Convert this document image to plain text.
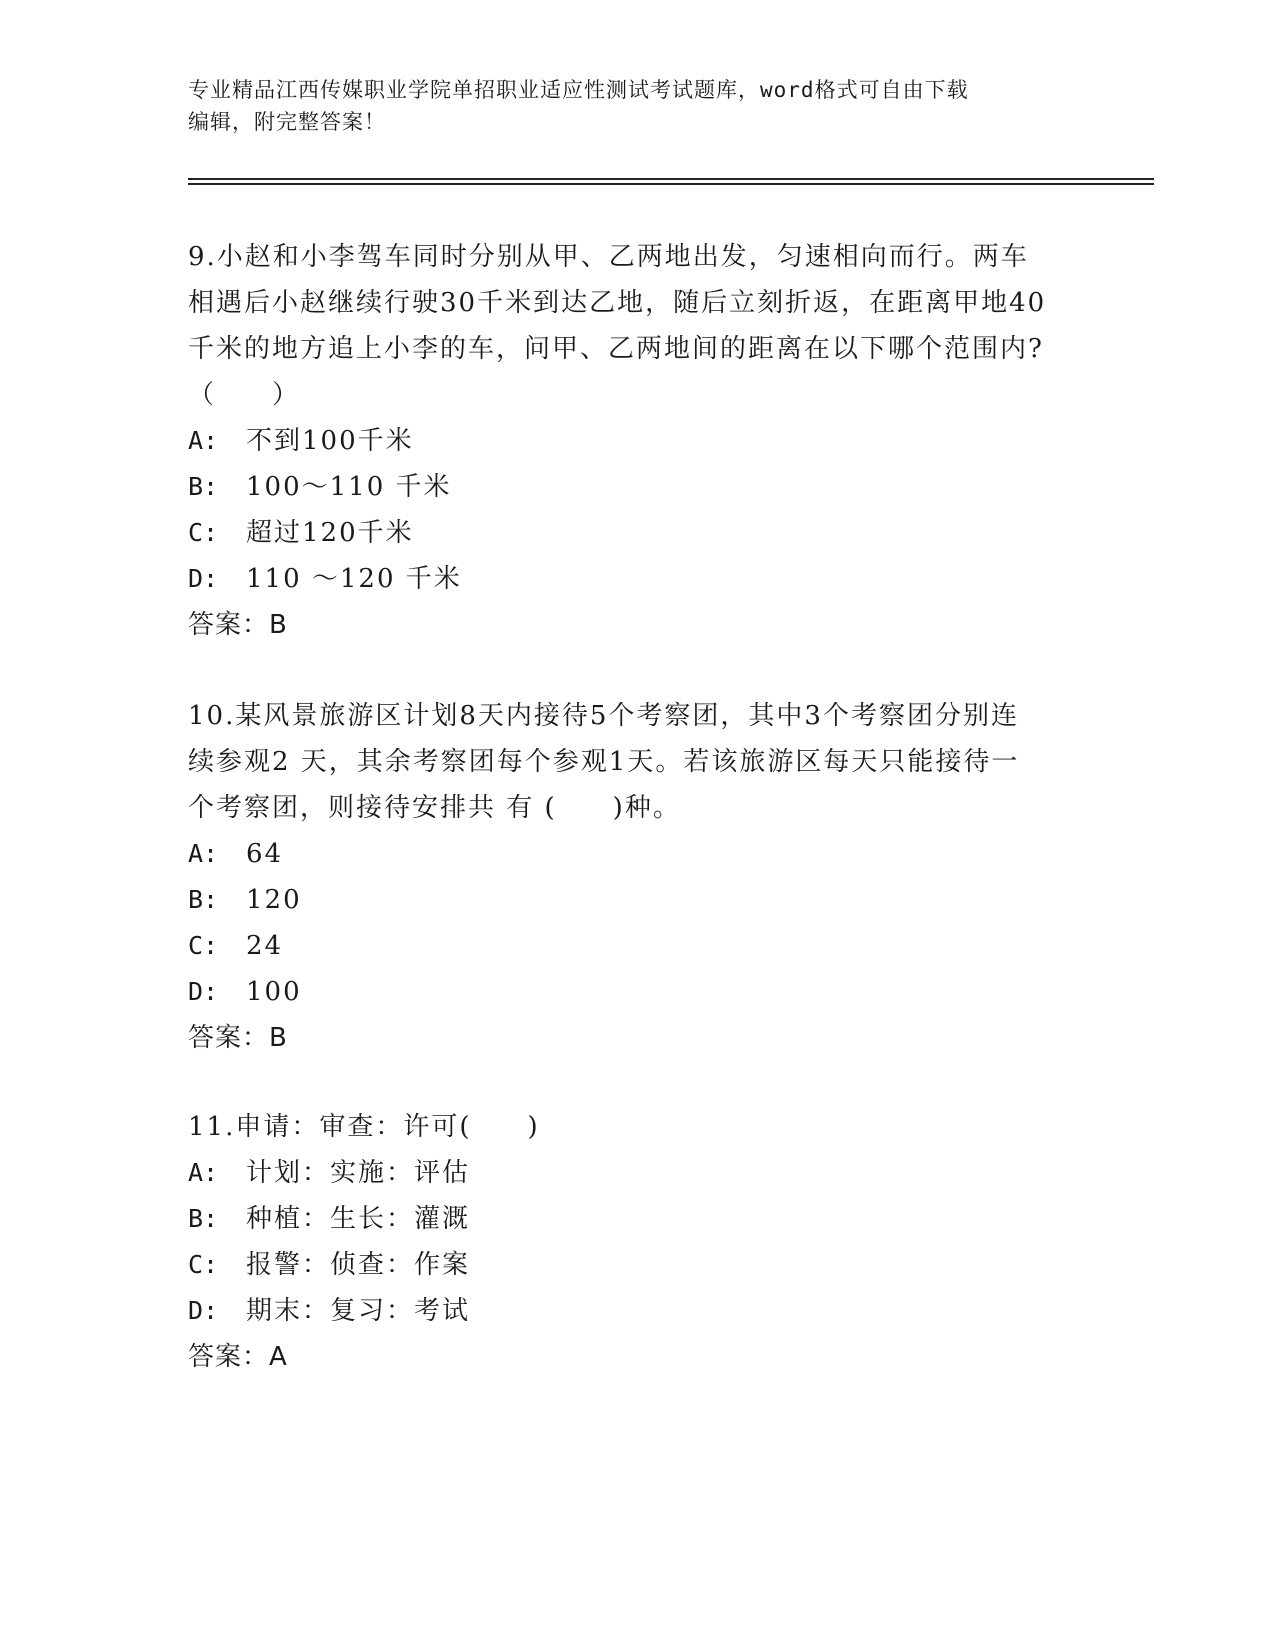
专业精品江西传媒职业学院单招职业适应性测试考试题库，word格式可自由下载
编辑，附完整答案！

9.小赵和小李驾车同时分别从甲、乙两地出发，匀速相向而行。两车

相遇后小赵继续行驶30千米到达乙地，随后立刻折返，在距离甲地40

千米的地方追上小李的车，问甲、乙两地间的距离在以下哪个范围内?

（　　）

A: 不到100千米
B: 100～110 千米
C: 超过120千米
D: 110 ～120 千米
答案：B

10.某风景旅游区计划8天内接待5个考察团，其中3个考察团分别连

续参观2 天，其余考察团每个参观1天。若该旅游区每天只能接待一

个考察团，则接待安排共 有 (　　)种。

A: 64
B: 120
C: 24
D: 100
答案：B

11.申请：审查：许可(　　)

A: 计划：实施：评估
B: 种植：生长：灌溉
C: 报警：侦查：作案
D: 期末：复习：考试
答案：A
